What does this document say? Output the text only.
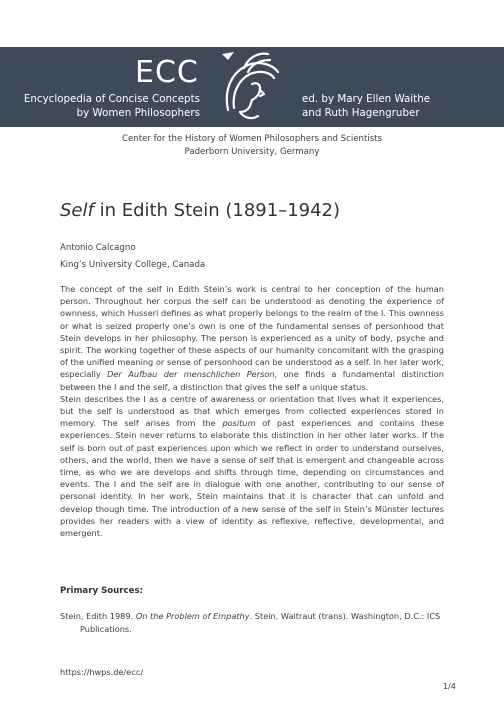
ECC
Encyclopedia of Concise Concepts
by Women Philosophers
ed. by Mary Ellen Waithe
and Ruth Hagengruber
Center for the History of Women Philosophers and Scientists
Paderborn University, Germany
Self in Edith Stein (1891–1942)
Antonio Calcagno
King’s University College, Canada

The concept of the self in Edith Stein’s work is central to her conception of the human person. Throughout her corpus the self can be understood as denoting the experience of ownness, which Husserl defines as what properly belongs to the realm of the I. This ownness or what is seized properly one’s own is one of the fundamental senses of personhood that Stein develops in her philosophy. The person is experienced as a unity of body, psyche and spirit. The working together of these aspects of our humanity concomitant with the grasping of the unified meaning or sense of personhood can be understood as a self. In her later work, especially Der Aufbau der menschlichen Person, one finds a fundamental distinction between the I and the self, a distinction that gives the self a unique status.

Stein describes the I as a centre of awareness or orientation that lives what it experiences, but the self is understood as that which emerges from collected experiences stored in memory. The self arises from the positum of past experiences and contains these experiences. Stein never returns to elaborate this distinction in her other later works. If the self is born out of past experiences upon which we reflect in order to understand ourselves, others, and the world, then we have a sense of self that is emergent and changeable across time, as who we are develops and shifts through time, depending on circumstances and events. The I and the self are in dialogue with one another, contributing to our sense of personal identity. In her work, Stein maintains that it is character that can unfold and develop though time. The introduction of a new sense of the self in Stein’s Münster lectures provides her readers with a view of identity as reflexive, reflective, developmental, and emergent.

Primary Sources:
Stein, Edith 1989. On the Problem of Empathy. Stein, Waltraut (trans). Washington, D.C.: ICS Publications.
https://hwps.de/ecc/
1/4
